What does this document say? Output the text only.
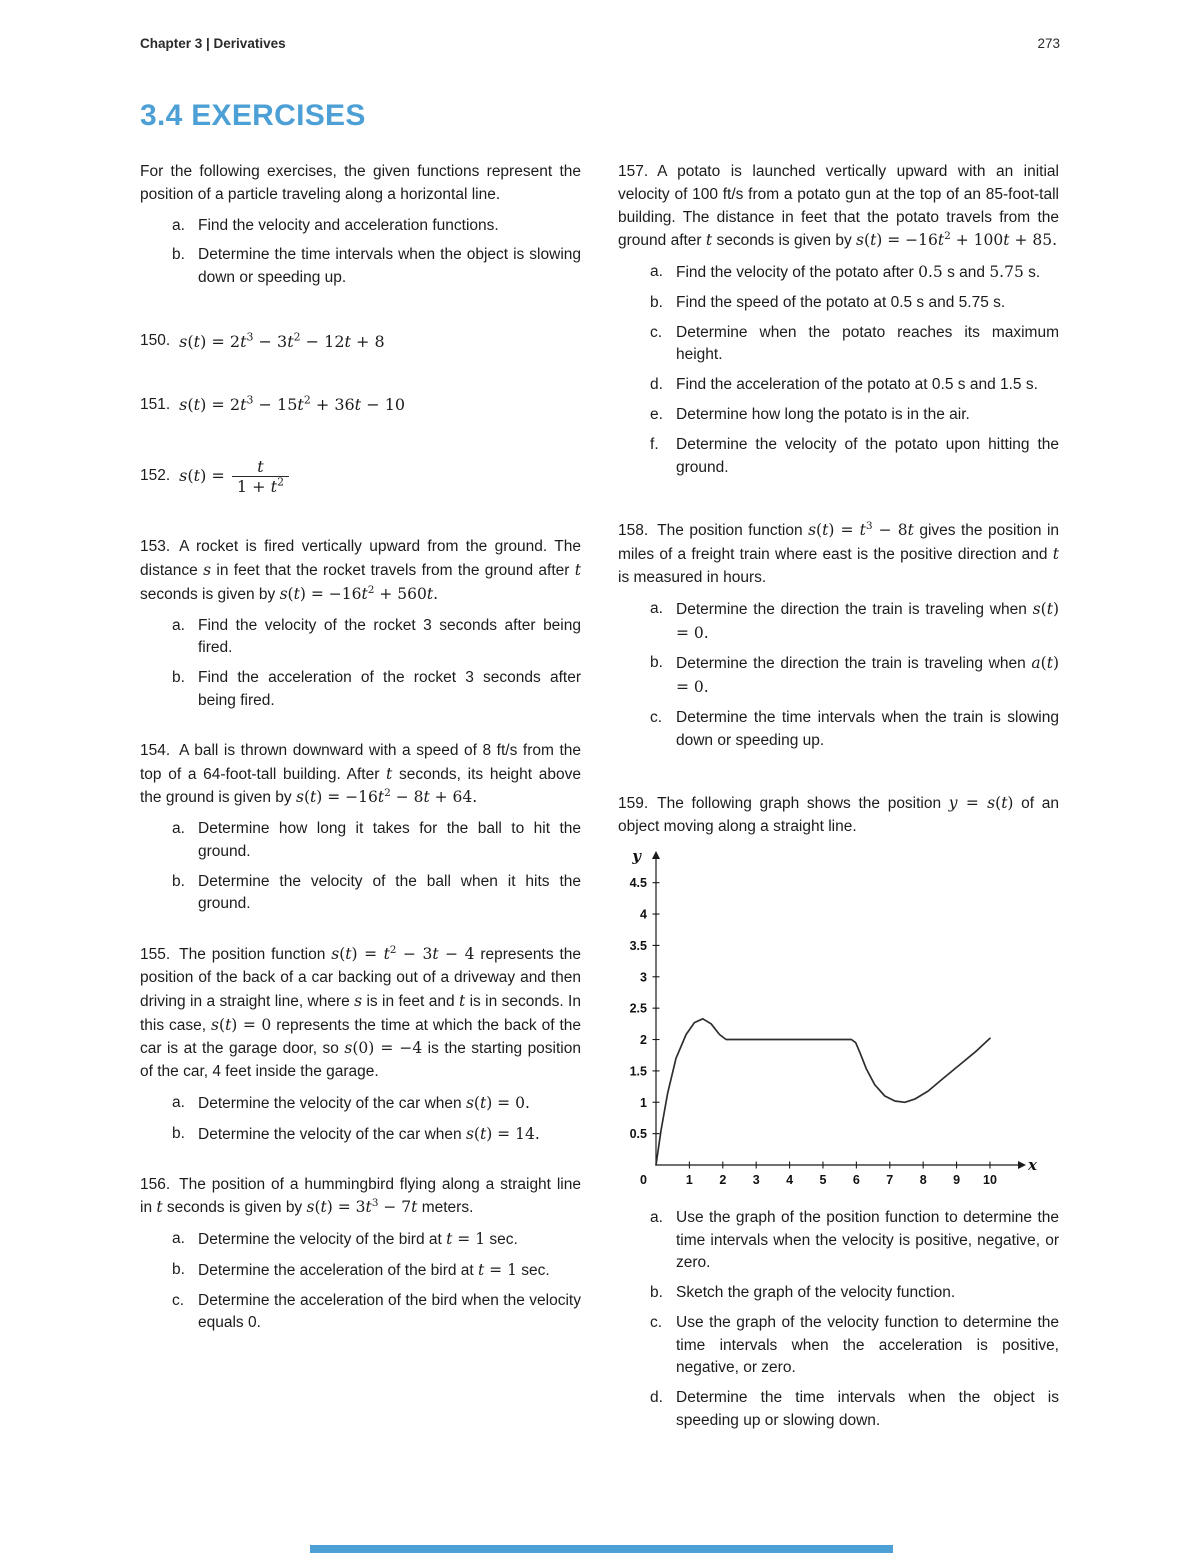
Chapter 3 | Derivatives	273
3.4 EXERCISES

For the following exercises, the given functions represent the position of a particle traveling along a horizontal line.

Find the velocity and acceleration functions.
Determine the time intervals when the object is slowing down or speeding up.

150. $s(t) = 2t^3 - 3t^2 - 12t + 8$

151. $s(t) = 2t^3 - 15t^2 + 36t - 10$

152. $s(t) = \frac{t}{1 + t^2}$

153. A rocket is fired vertically upward from the ground. The distance s in feet that the rocket travels from the ground after t seconds is given by $s(t) = -16t^2 + 560t$.

Find the velocity of the rocket 3 seconds after being fired.
Find the acceleration of the rocket 3 seconds after being fired.

154. A ball is thrown downward with a speed of 8 ft/s from the top of a 64-foot-tall building. After t seconds, its height above the ground is given by $s(t) = -16t^2 - 8t + 64$.

Determine how long it takes for the ball to hit the ground.
Determine the velocity of the ball when it hits the ground.

155. The position function $s(t) = t^2 - 3t - 4$ represents the position of the back of a car backing out of a driveway and then driving in a straight line, where s is in feet and t is in seconds. In this case, s(t) = 0 represents the time at which the back of the car is at the garage door, so s(0) = −4 is the starting position of the car, 4 feet inside the garage.

Determine the velocity of the car when s(t) = 0.
Determine the velocity of the car when s(t) = 14.

156. The position of a hummingbird flying along a straight line in t seconds is given by $s(t) = 3t^3 - 7t$ meters.

Determine the velocity of the bird at t = 1 sec.
Determine the acceleration of the bird at t = 1 sec.
Determine the acceleration of the bird when the velocity equals 0.

157. A potato is launched vertically upward with an initial velocity of 100 ft/s from a potato gun at the top of an 85-foot-tall building. The distance in feet that the potato travels from the ground after t seconds is given by $s(t) = -16t^2 + 100t + 85$.

Find the velocity of the potato after 0.5 s and 5.75 s.
Find the speed of the potato at 0.5 s and 5.75 s.
Determine when the potato reaches its maximum height.
Find the acceleration of the potato at 0.5 s and 1.5 s.
Determine how long the potato is in the air.
Determine the velocity of the potato upon hitting the ground.

158. The position function $s(t) = t^3 - 8t$ gives the position in miles of a freight train where east is the positive direction and t is measured in hours.

Determine the direction the train is traveling when s(t) = 0.
Determine the direction the train is traveling when a(t) = 0.
Determine the time intervals when the train is slowing down or speeding up.

159. The following graph shows the position y = s(t) of an object moving along a straight line.

1 2 3 4 5 6 7 8 9 10
0.5
1
1.5
2
2.5
3
3.5
4
4.5
0
y
x
Use the graph of the position function to determine the time intervals when the velocity is positive, negative, or zero.
Sketch the graph of the velocity function.
Use the graph of the velocity function to determine the time intervals when the acceleration is positive, negative, or zero.
Determine the time intervals when the object is speeding up or slowing down.
